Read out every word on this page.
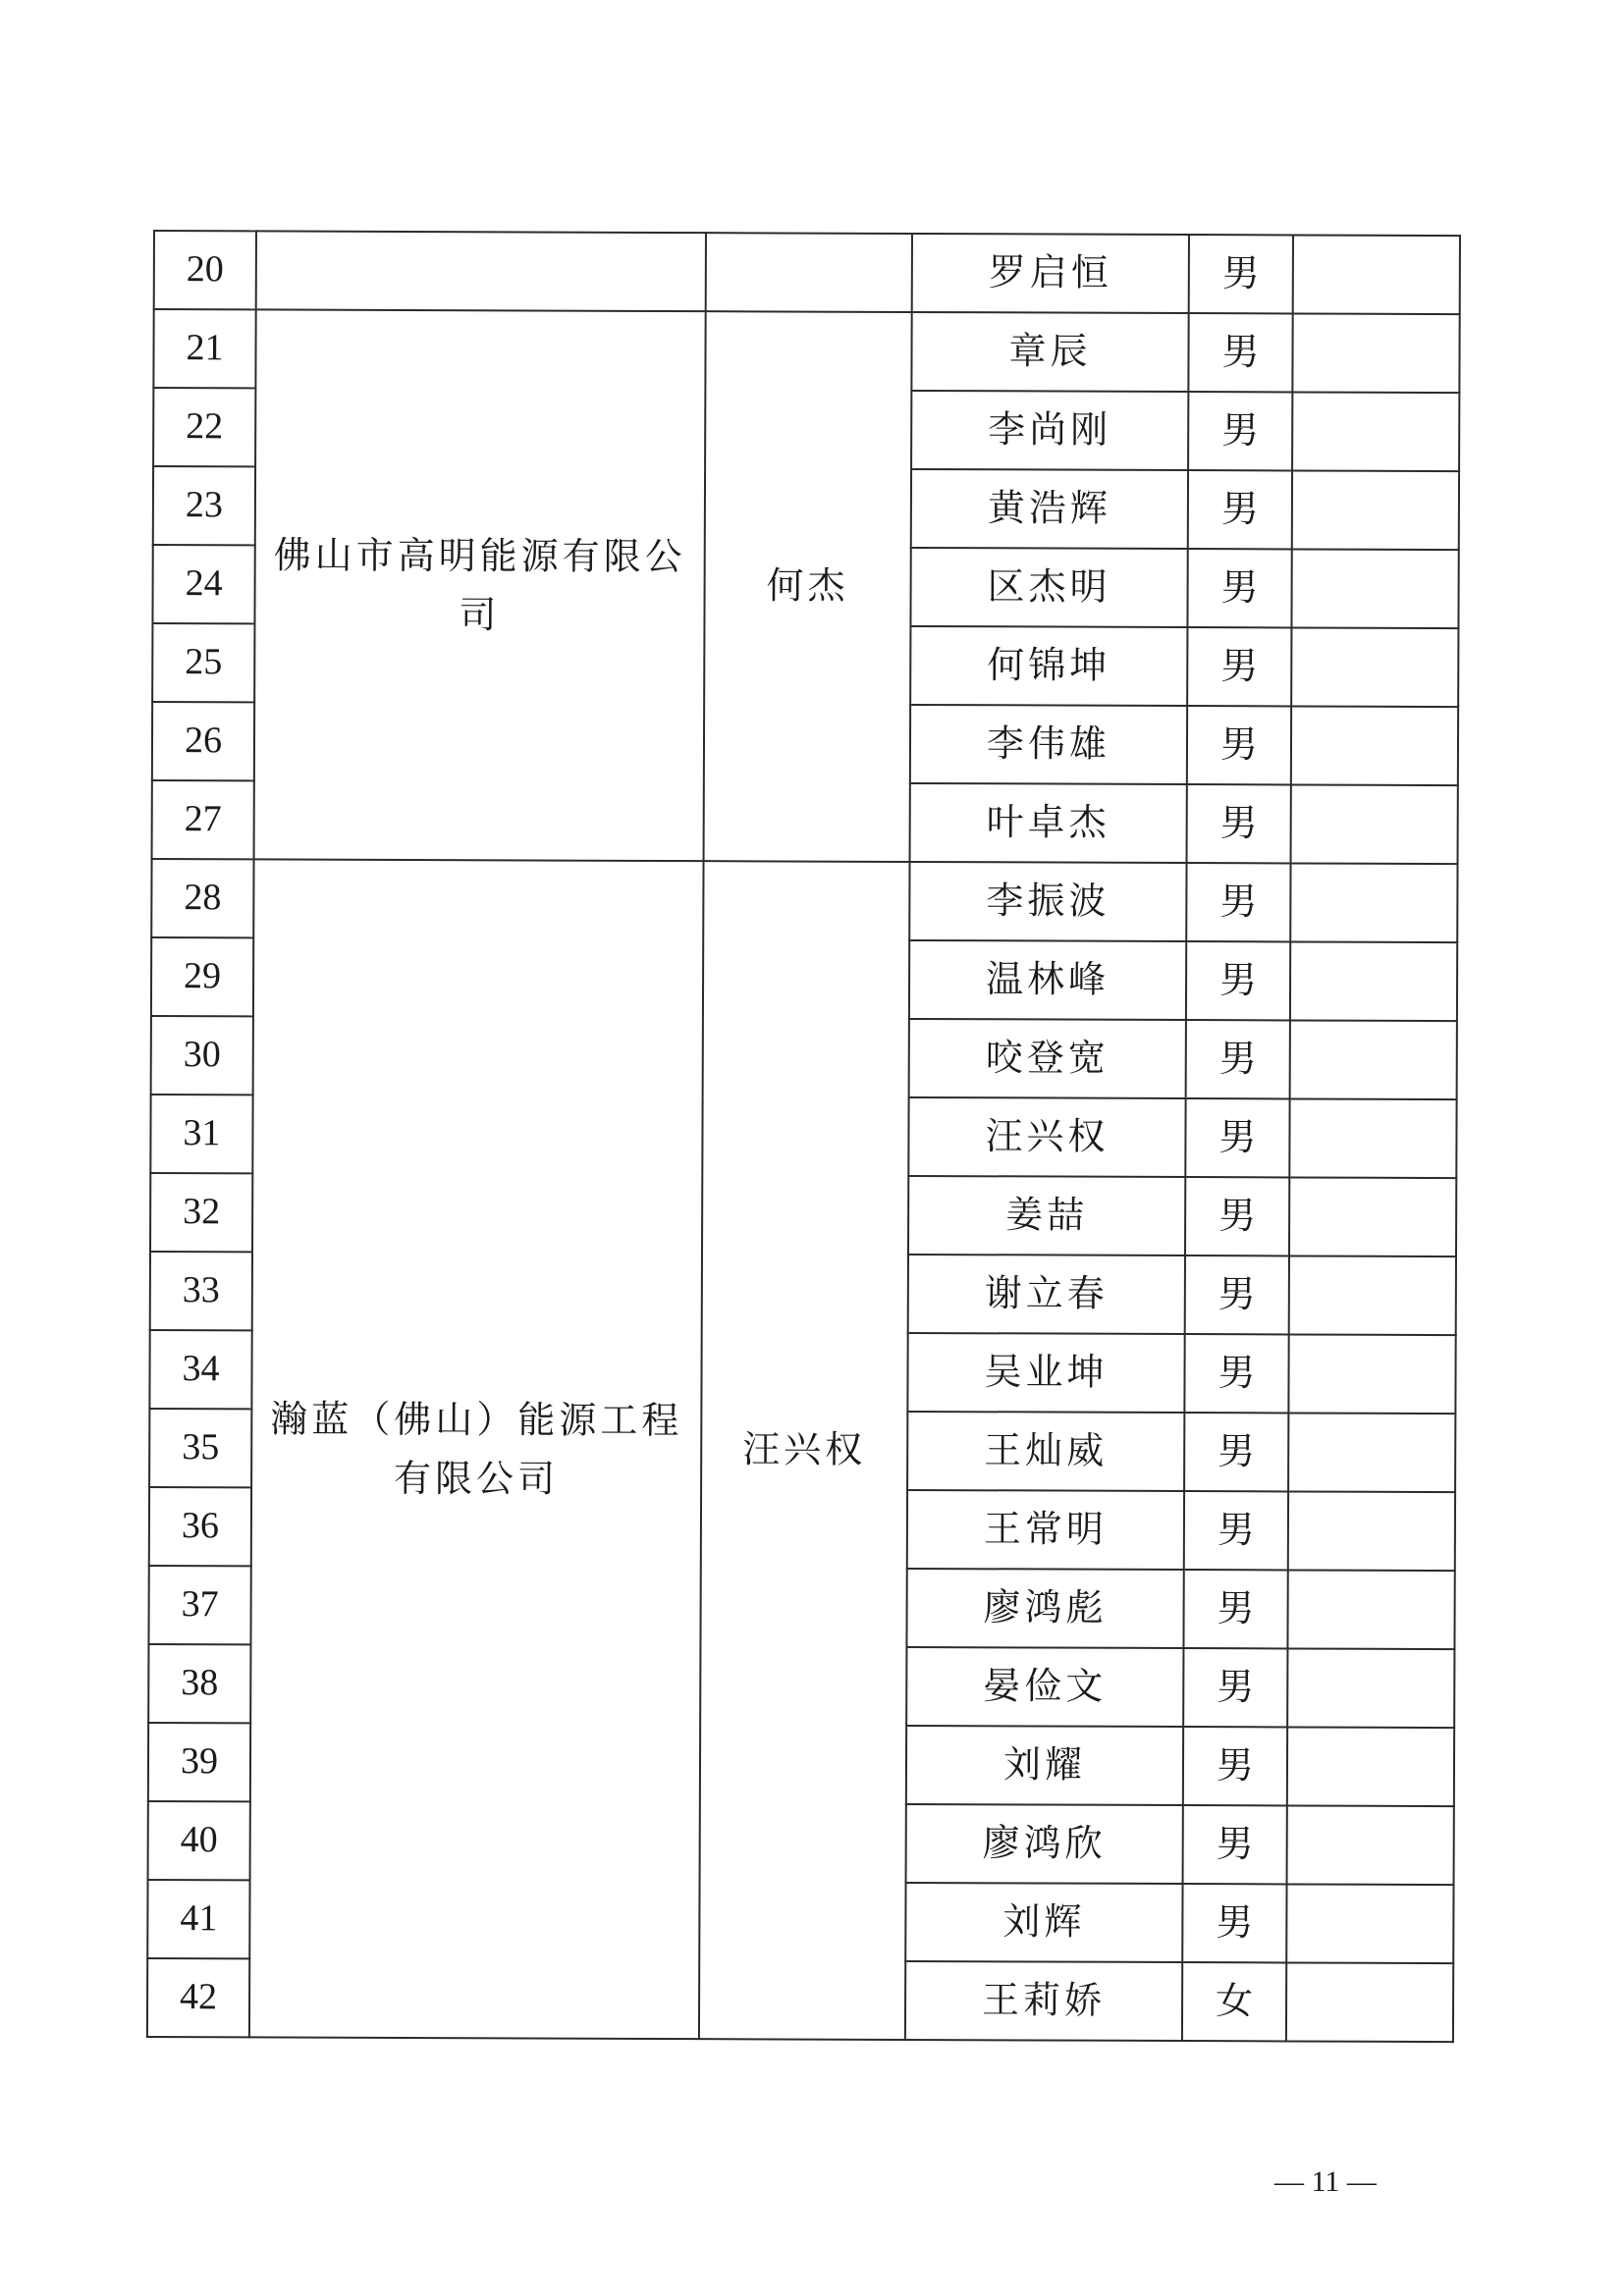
20			罗启恒	男	
21	佛山市高明能源有限公司	何杰	章辰	男	
22			李尚刚	男	
23			黄浩辉	男	
24			区杰明	男	
25			何锦坤	男	
26			李伟雄	男	
27			叶卓杰	男	
28	瀚蓝（佛山）能源工程有限公司	汪兴权	李振波	男	
29			温林峰	男	
30			咬登宽	男	
31			汪兴权	男	
32			姜喆	男	
33			谢立春	男	
34			吴业坤	男	
35			王灿威	男	
36			王常明	男	
37			廖鸿彪	男	
38			晏俭文	男	
39			刘耀	男	
40			廖鸿欣	男	
41			刘辉	男	
42			王莉娇	女	
— 11 —
